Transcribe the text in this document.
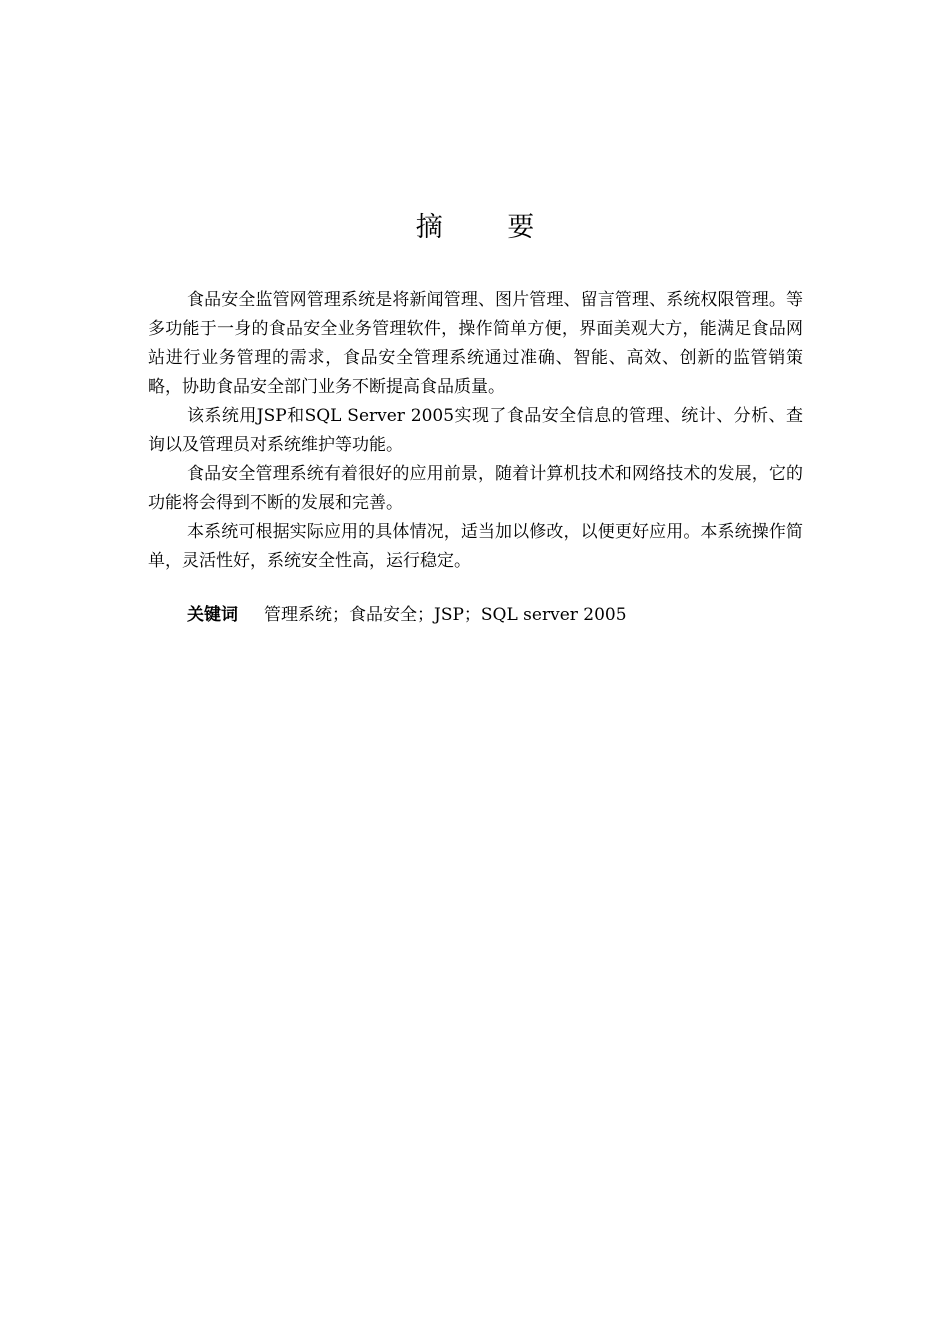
摘 要

食品安全监管网管理系统是将新闻管理、图片管理、留言管理、系统权限管理。等多功能于一身的食品安全业务管理软件，操作简单方便，界面美观大方，能满足食品网站进行业务管理的需求，食品安全管理系统通过准确、智能、高效、创新的监管销策略，协助食品安全部门业务不断提高食品质量。

该系统用JSP和SQL Server 2005实现了食品安全信息的管理、统计、分析、查询以及管理员对系统维护等功能。

食品安全管理系统有着很好的应用前景，随着计算机技术和网络技术的发展，它的功能将会得到不断的发展和完善。

本系统可根据实际应用的具体情况，适当加以修改，以便更好应用。本系统操作简单，灵活性好，系统安全性高，运行稳定。

关键词 管理系统；食品安全；JSP；SQL server 2005
